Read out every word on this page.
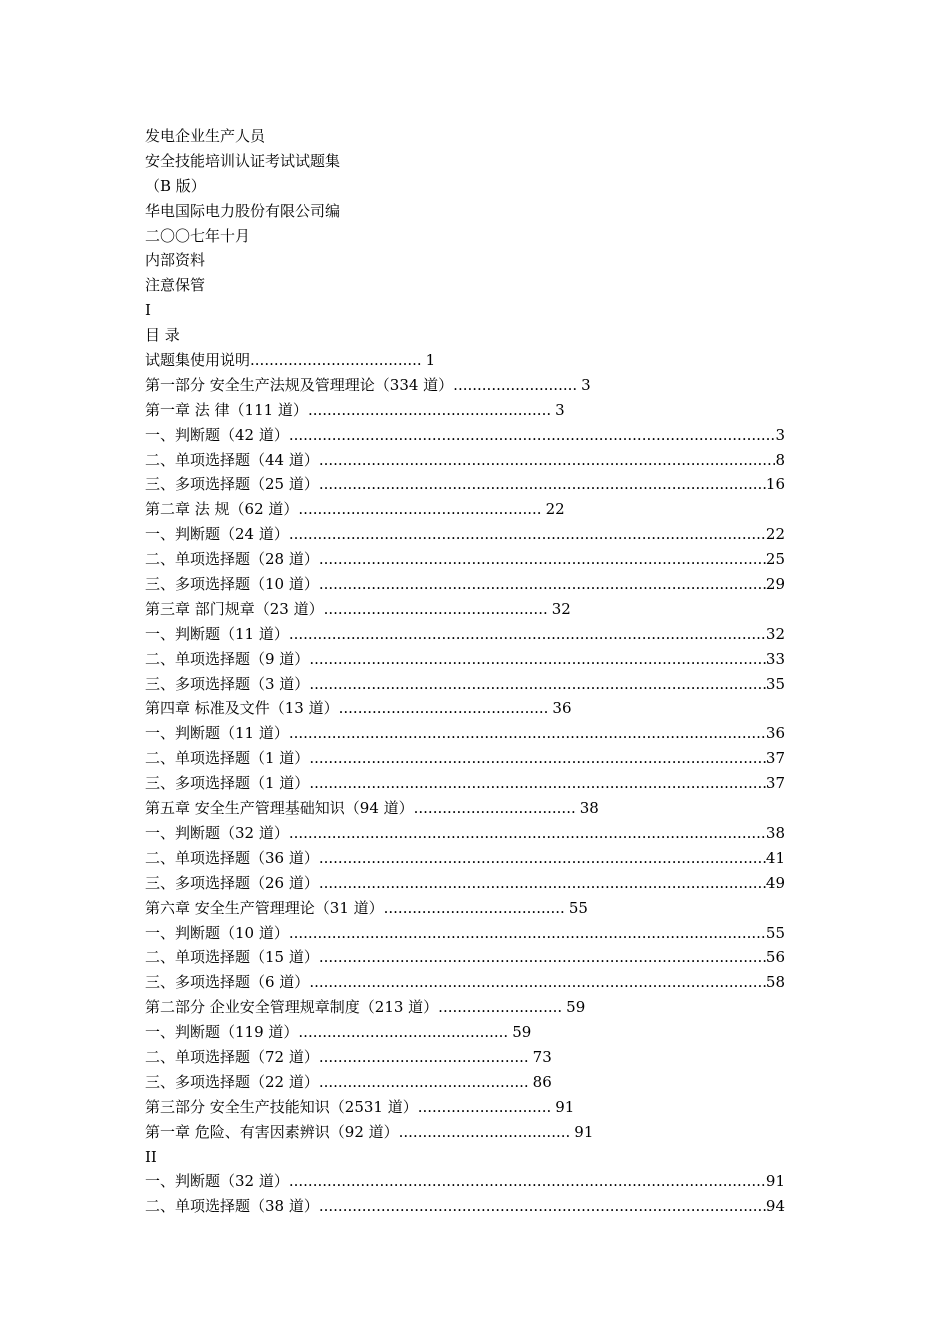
发电企业生产人员
安全技能培训认证考试试题集
（B 版）
华电国际电力股份有限公司编
二〇〇七年十月
内部资料
注意保管
I
目 录
试题集使用说明 .................................... 1
第一部分 安全生产法规及管理理论（334 道） .......................... 3
第一章 法 律（111 道） ................................................... 3
一、判断题（42 道） .....	3
二、单项选择题（44 道） .....	8
三、多项选择题（25 道） .....	16
第二章 法 规（62 道） ................................................... 22
一、判断题（24 道） .....	22
二、单项选择题（28 道） .....	25
三、多项选择题（10 道） .....	29
第三章 部门规章（23 道） ............................................... 32
一、判断题（11 道） .....	32
二、单项选择题（9 道） .....	33
三、多项选择题（3 道） .....	35
第四章 标准及文件（13 道） ............................................ 36
一、判断题（11 道） .....	36
二、单项选择题（1 道） .....	37
三、多项选择题（1 道） .....	37
第五章 安全生产管理基础知识（94 道） .................................. 38
一、判断题（32 道） .....	38
二、单项选择题（36 道） .....	41
三、多项选择题（26 道） .....	49
第六章 安全生产管理理论（31 道） ...................................... 55
一、判断题（10 道） .....	55
二、单项选择题（15 道） .....	56
三、多项选择题（6 道） .....	58
第二部分 企业安全管理规章制度（213 道） .......................... 59
一、判断题（119 道） ............................................ 59
二、单项选择题（72 道） ............................................ 73
三、多项选择题（22 道） ............................................ 86
第三部分 安全生产技能知识（2531 道） ............................ 91
第一章 危险、有害因素辨识（92 道） .................................... 91
II
一、判断题（32 道） .....	91
二、单项选择题（38 道） .....	94
